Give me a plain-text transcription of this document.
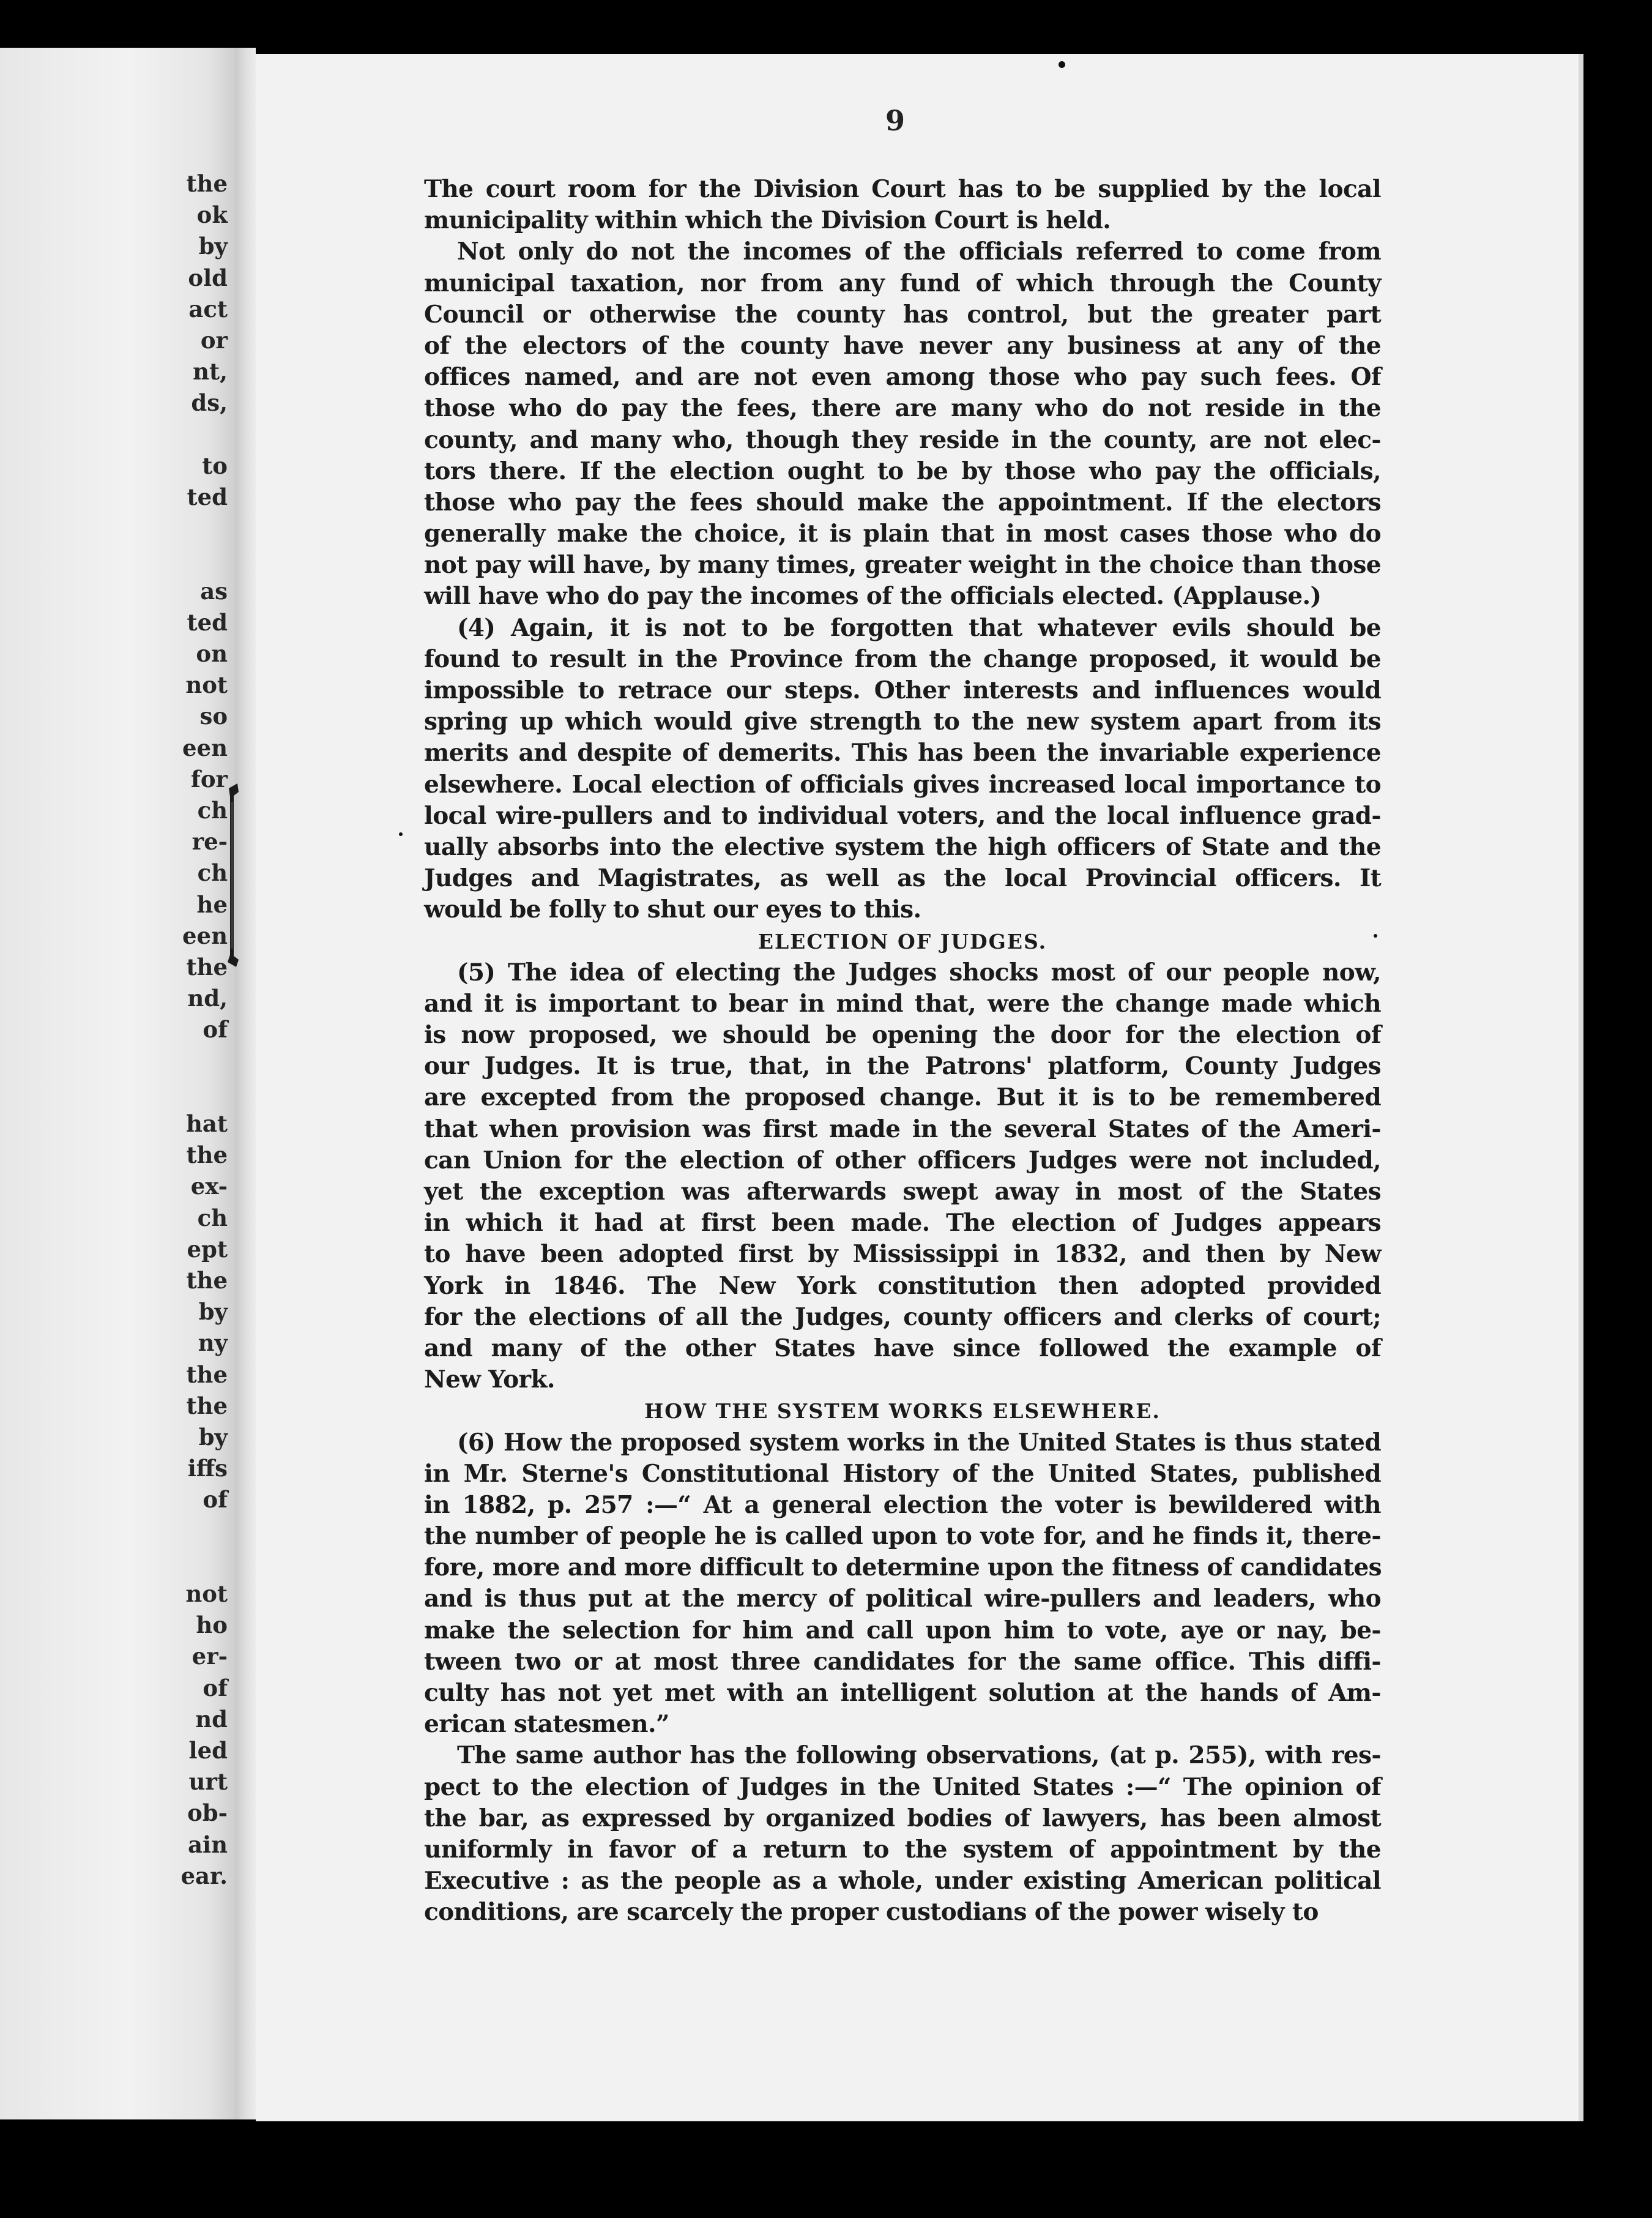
the
ok
by
old
act
or
nt,
ds,
to
ted
as
ted
on
not
so
een
for
ch
re-
ch
he
een
the
nd,
of
hat
the
ex-
ch
ept
the
by
ny
the
the
by
iffs
of
not
ho
er-
of
nd
led
urt
ob-
ain
ear.
9
The court room for the Division Court has to be supplied by the local
municipality within which the Division Court is held.
Not only do not the incomes of the officials referred to come from
municipal taxation, nor from any fund of which through the County
Council or otherwise the county has control, but the greater part
of the electors of the county have never any business at any of the
offices named, and are not even among those who pay such fees. Of
those who do pay the fees, there are many who do not reside in the
county, and many who, though they reside in the county, are not elec-
tors there. If the election ought to be by those who pay the officials,
those who pay the fees should make the appointment. If the electors
generally make the choice, it is plain that in most cases those who do
not pay will have, by many times, greater weight in the choice than those
will have who do pay the incomes of the officials elected. (Applause.)
(4) Again, it is not to be forgotten that whatever evils should be
found to result in the Province from the change proposed, it would be
impossible to retrace our steps. Other interests and influences would
spring up which would give strength to the new system apart from its
merits and despite of demerits. This has been the invariable experience
elsewhere. Local election of officials gives increased local importance to
local wire-pullers and to individual voters, and the local influence grad-
ually absorbs into the elective system the high officers of State and the
Judges and Magistrates, as well as the local Provincial officers. It
would be folly to shut our eyes to this.
ELECTION OF JUDGES.
(5) The idea of electing the Judges shocks most of our people now,
and it is important to bear in mind that, were the change made which
is now proposed, we should be opening the door for the election of
our Judges. It is true, that, in the Patrons' platform, County Judges
are excepted from the proposed change. But it is to be remembered
that when provision was first made in the several States of the Ameri-
can Union for the election of other officers Judges were not included,
yet the exception was afterwards swept away in most of the States
in which it had at first been made. The election of Judges appears
to have been adopted first by Mississippi in 1832, and then by New
York in 1846. The New York constitution then adopted provided
for the elections of all the Judges, county officers and clerks of court;
and many of the other States have since followed the example of
New York.
HOW THE SYSTEM WORKS ELSEWHERE.
(6) How the proposed system works in the United States is thus stated
in Mr. Sterne's Constitutional History of the United States, published
in 1882, p. 257 :—“ At a general election the voter is bewildered with
the number of people he is called upon to vote for, and he finds it, there-
fore, more and more difficult to determine upon the fitness of candidates
and is thus put at the mercy of political wire-pullers and leaders, who
make the selection for him and call upon him to vote, aye or nay, be-
tween two or at most three candidates for the same office. This diffi-
culty has not yet met with an intelligent solution at the hands of Am-
erican statesmen.”
The same author has the following observations, (at p. 255), with res-
pect to the election of Judges in the United States :—“ The opinion of
the bar, as expressed by organized bodies of lawyers, has been almost
uniformly in favor of a return to the system of appointment by the
Executive : as the people as a whole, under existing American political
conditions, are scarcely the proper custodians of the power wisely to
